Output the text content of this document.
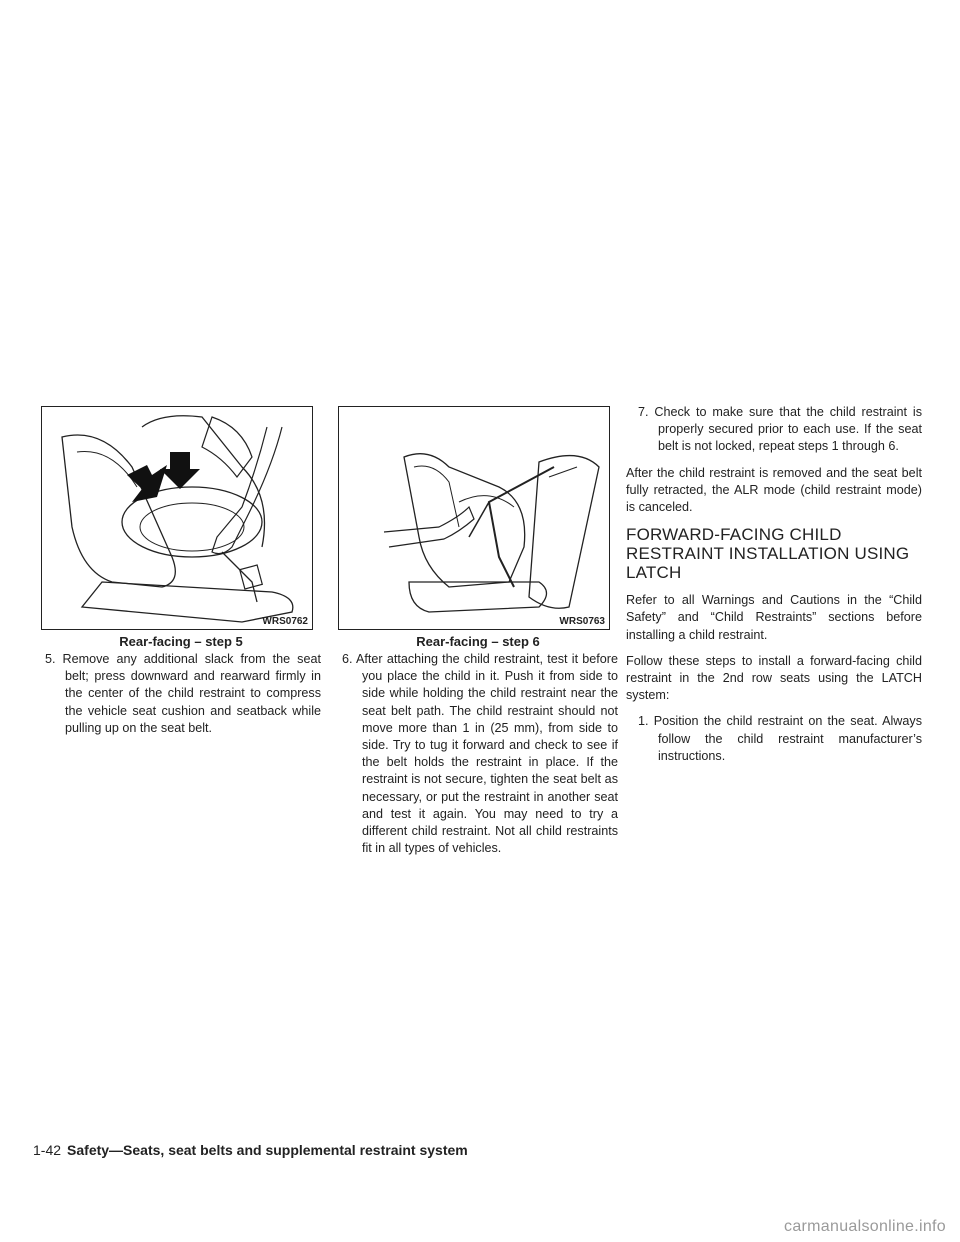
WRS0762
Rear-facing – step 5

5. Remove any additional slack from the seat belt; press downward and rearward firmly in the center of the child restraint to compress the vehicle seat cushion and seatback while pulling up on the seat belt.

WRS0763
Rear-facing – step 6

6. After attaching the child restraint, test it before you place the child in it. Push it from side to side while holding the child restraint near the seat belt path. The child restraint should not move more than 1 in (25 mm), from side to side. Try to tug it forward and check to see if the belt holds the restraint in place. If the restraint is not secure, tighten the seat belt as necessary, or put the restraint in another seat and test it again. You may need to try a different child restraint. Not all child restraints fit in all types of vehicles.

7. Check to make sure that the child restraint is properly secured prior to each use. If the seat belt is not locked, repeat steps 1 through 6.

After the child restraint is removed and the seat belt fully retracted, the ALR mode (child restraint mode) is canceled.

FORWARD-FACING CHILD RESTRAINT INSTALLATION USING LATCH

Refer to all Warnings and Cautions in the “Child Safety” and “Child Restraints” sections before installing a child restraint.

Follow these steps to install a forward-facing child restraint in the 2nd row seats using the LATCH system:

1. Position the child restraint on the seat. Always follow the child restraint manufacturer’s instructions.

1-42 Safety—Seats, seat belts and supplemental restraint system
carmanualsonline.info
